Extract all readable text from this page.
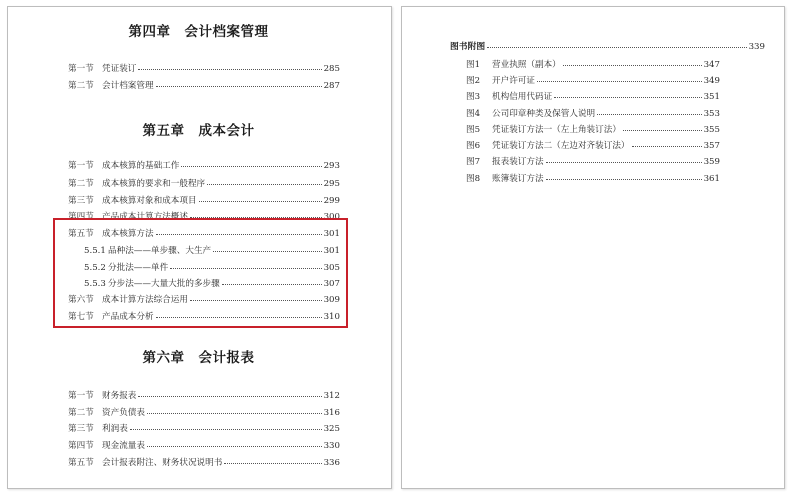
第四章　会计档案管理
第一节 凭证装订	285
第二节 会计档案管理	287
第五章　成本会计
第一节 成本核算的基础工作	293
第二节 成本核算的要求和一般程序	295
第三节 成本核算对象和成本项目	299
第四节 产品成本计算方法概述	300
第五节 成本核算方法	301
5.5.1 品种法——单步骤、大生产	301
5.5.2 分批法——单件	305
5.5.3 分步法——大量大批的多步骤	307
第六节 成本计算方法综合运用	309
第七节 产品成本分析	310
第六章　会计报表
第一节 财务报表	312
第二节 资产负债表	316
第三节 利润表	325
第四节 现金流量表	330
第五节 会计报表附注、财务状况说明书	336
图书附图	339
图1	营业执照（副本）	347
图2	开户许可证	349
图3	机构信用代码证	351
图4	公司印章种类及保管人说明	353
图5	凭证装订方法一（左上角装订法）	355
图6	凭证装订方法二（左边对齐装订法）	357
图7	报表装订方法	359
图8	账簿装订方法	361
